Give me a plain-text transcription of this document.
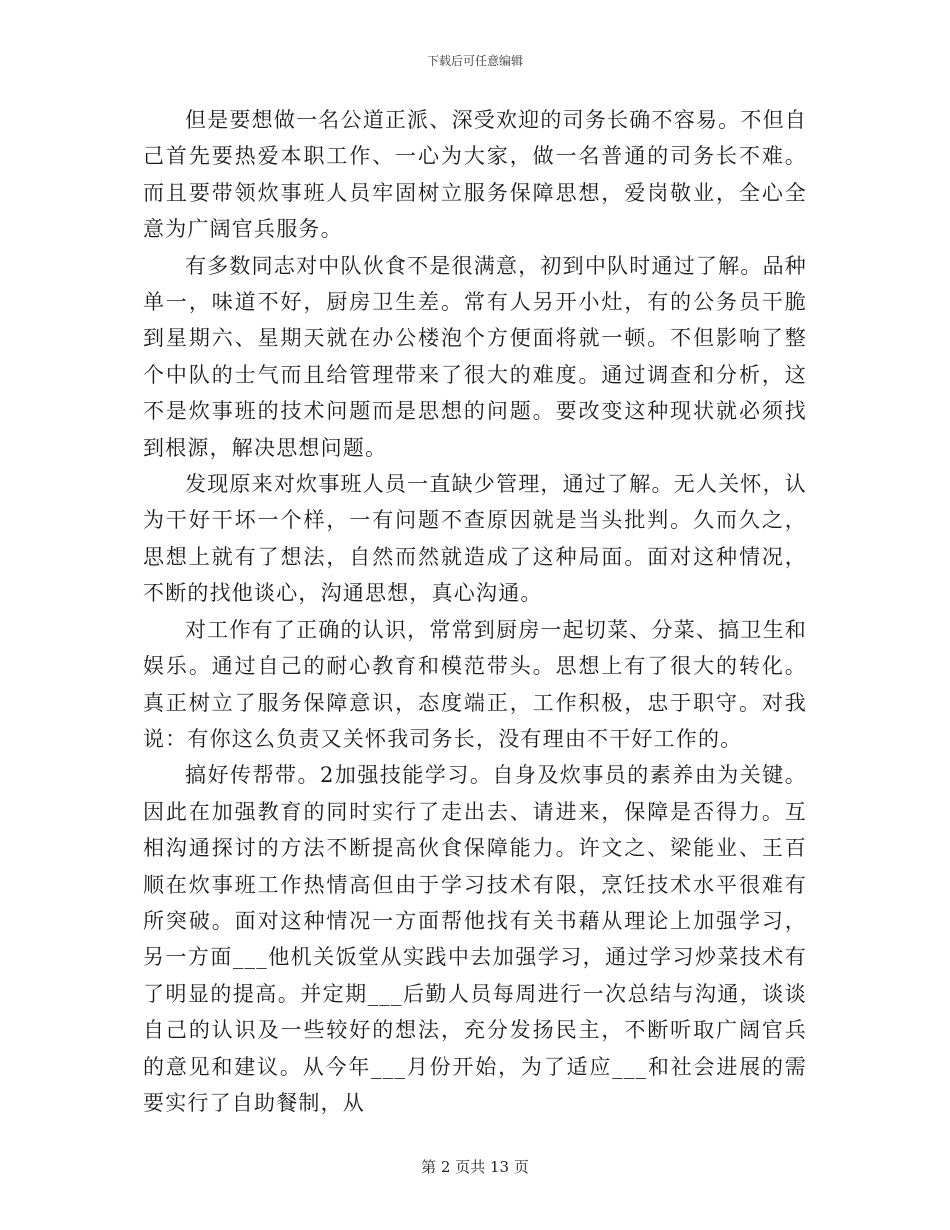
下载后可任意编辑

但是要想做一名公道正派、深受欢迎的司务长确不容易。不但自己首先要热爱本职工作、一心为大家，做一名普通的司务长不难。而且要带领炊事班人员牢固树立服务保障思想，爱岗敬业，全心全意为广阔官兵服务。

有多数同志对中队伙食不是很满意，初到中队时通过了解。品种单一，味道不好，厨房卫生差。常有人另开小灶，有的公务员干脆到星期六、星期天就在办公楼泡个方便面将就一顿。不但影响了整个中队的士气而且给管理带来了很大的难度。通过调查和分析，这不是炊事班的技术问题而是思想的问题。要改变这种现状就必须找到根源，解决思想问题。

发现原来对炊事班人员一直缺少管理，通过了解。无人关怀，认为干好干坏一个样，一有问题不查原因就是当头批判。久而久之，思想上就有了想法，自然而然就造成了这种局面。面对这种情况，不断的找他谈心，沟通思想，真心沟通。

对工作有了正确的认识，常常到厨房一起切菜、分菜、搞卫生和娱乐。通过自己的耐心教育和模范带头。思想上有了很大的转化。真正树立了服务保障意识，态度端正，工作积极，忠于职守。对我说：有你这么负责又关怀我司务长，没有理由不干好工作的。

搞好传帮带。2加强技能学习。自身及炊事员的素养由为关键。因此在加强教育的同时实行了走出去、请进来，保障是否得力。互相沟通探讨的方法不断提高伙食保障能力。许文之、梁能业、王百顺在炊事班工作热情高但由于学习技术有限，烹饪技术水平很难有所突破。面对这种情况一方面帮他找有关书藉从理论上加强学习，另一方面___他机关饭堂从实践中去加强学习，通过学习炒菜技术有了明显的提高。并定期___后勤人员每周进行一次总结与沟通，谈谈自己的认识及一些较好的想法，充分发扬民主，不断听取广阔官兵的意见和建议。从今年___月份开始，为了适应___和社会进展的需要实行了自助餐制，从

第 2 页共 13 页
